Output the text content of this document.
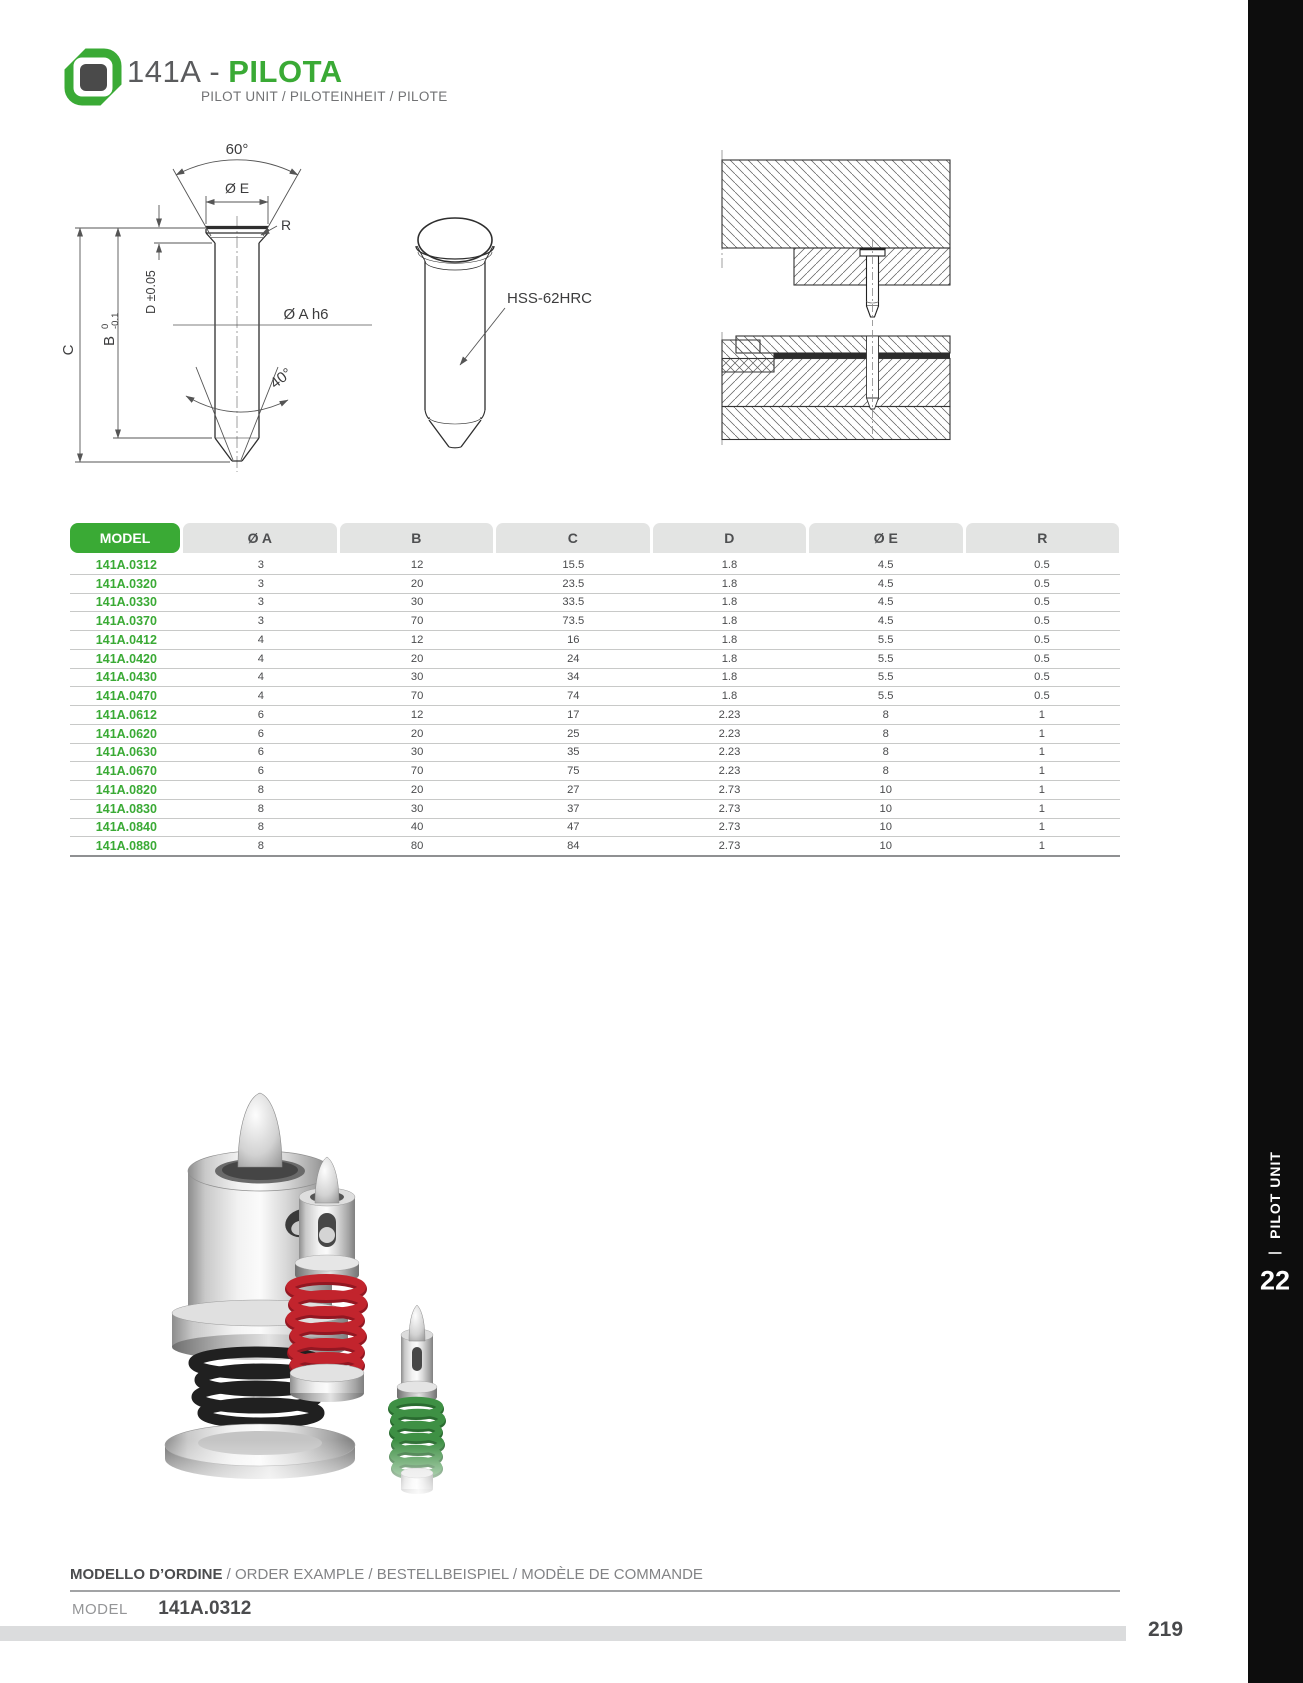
141A - PILOTA
PILOT UNIT / PILOTEINHEIT / PILOTE
60°
Ø E
R
D ±0.05
B
0 -0.1
C
Ø A h6
40°
HSS-62HRC
MODEL	Ø A	B	C	D	Ø E	R
141A.0312	3	12	15.5	1.8	4.5	0.5
141A.0320	3	20	23.5	1.8	4.5	0.5
141A.0330	3	30	33.5	1.8	4.5	0.5
141A.0370	3	70	73.5	1.8	4.5	0.5
141A.0412	4	12	16	1.8	5.5	0.5
141A.0420	4	20	24	1.8	5.5	0.5
141A.0430	4	30	34	1.8	5.5	0.5
141A.0470	4	70	74	1.8	5.5	0.5
141A.0612	6	12	17	2.23	8	1
141A.0620	6	20	25	2.23	8	1
141A.0630	6	30	35	2.23	8	1
141A.0670	6	70	75	2.23	8	1
141A.0820	8	20	27	2.73	10	1
141A.0830	8	30	37	2.73	10	1
141A.0840	8	40	47	2.73	10	1
141A.0880	8	80	84	2.73	10	1
MODELLO D’ORDINE / ORDER EXAMPLE / BESTELLBEISPIEL / MODÈLE DE COMMANDE
MODEL 141A.0312
219
PILOT UNIT
22
